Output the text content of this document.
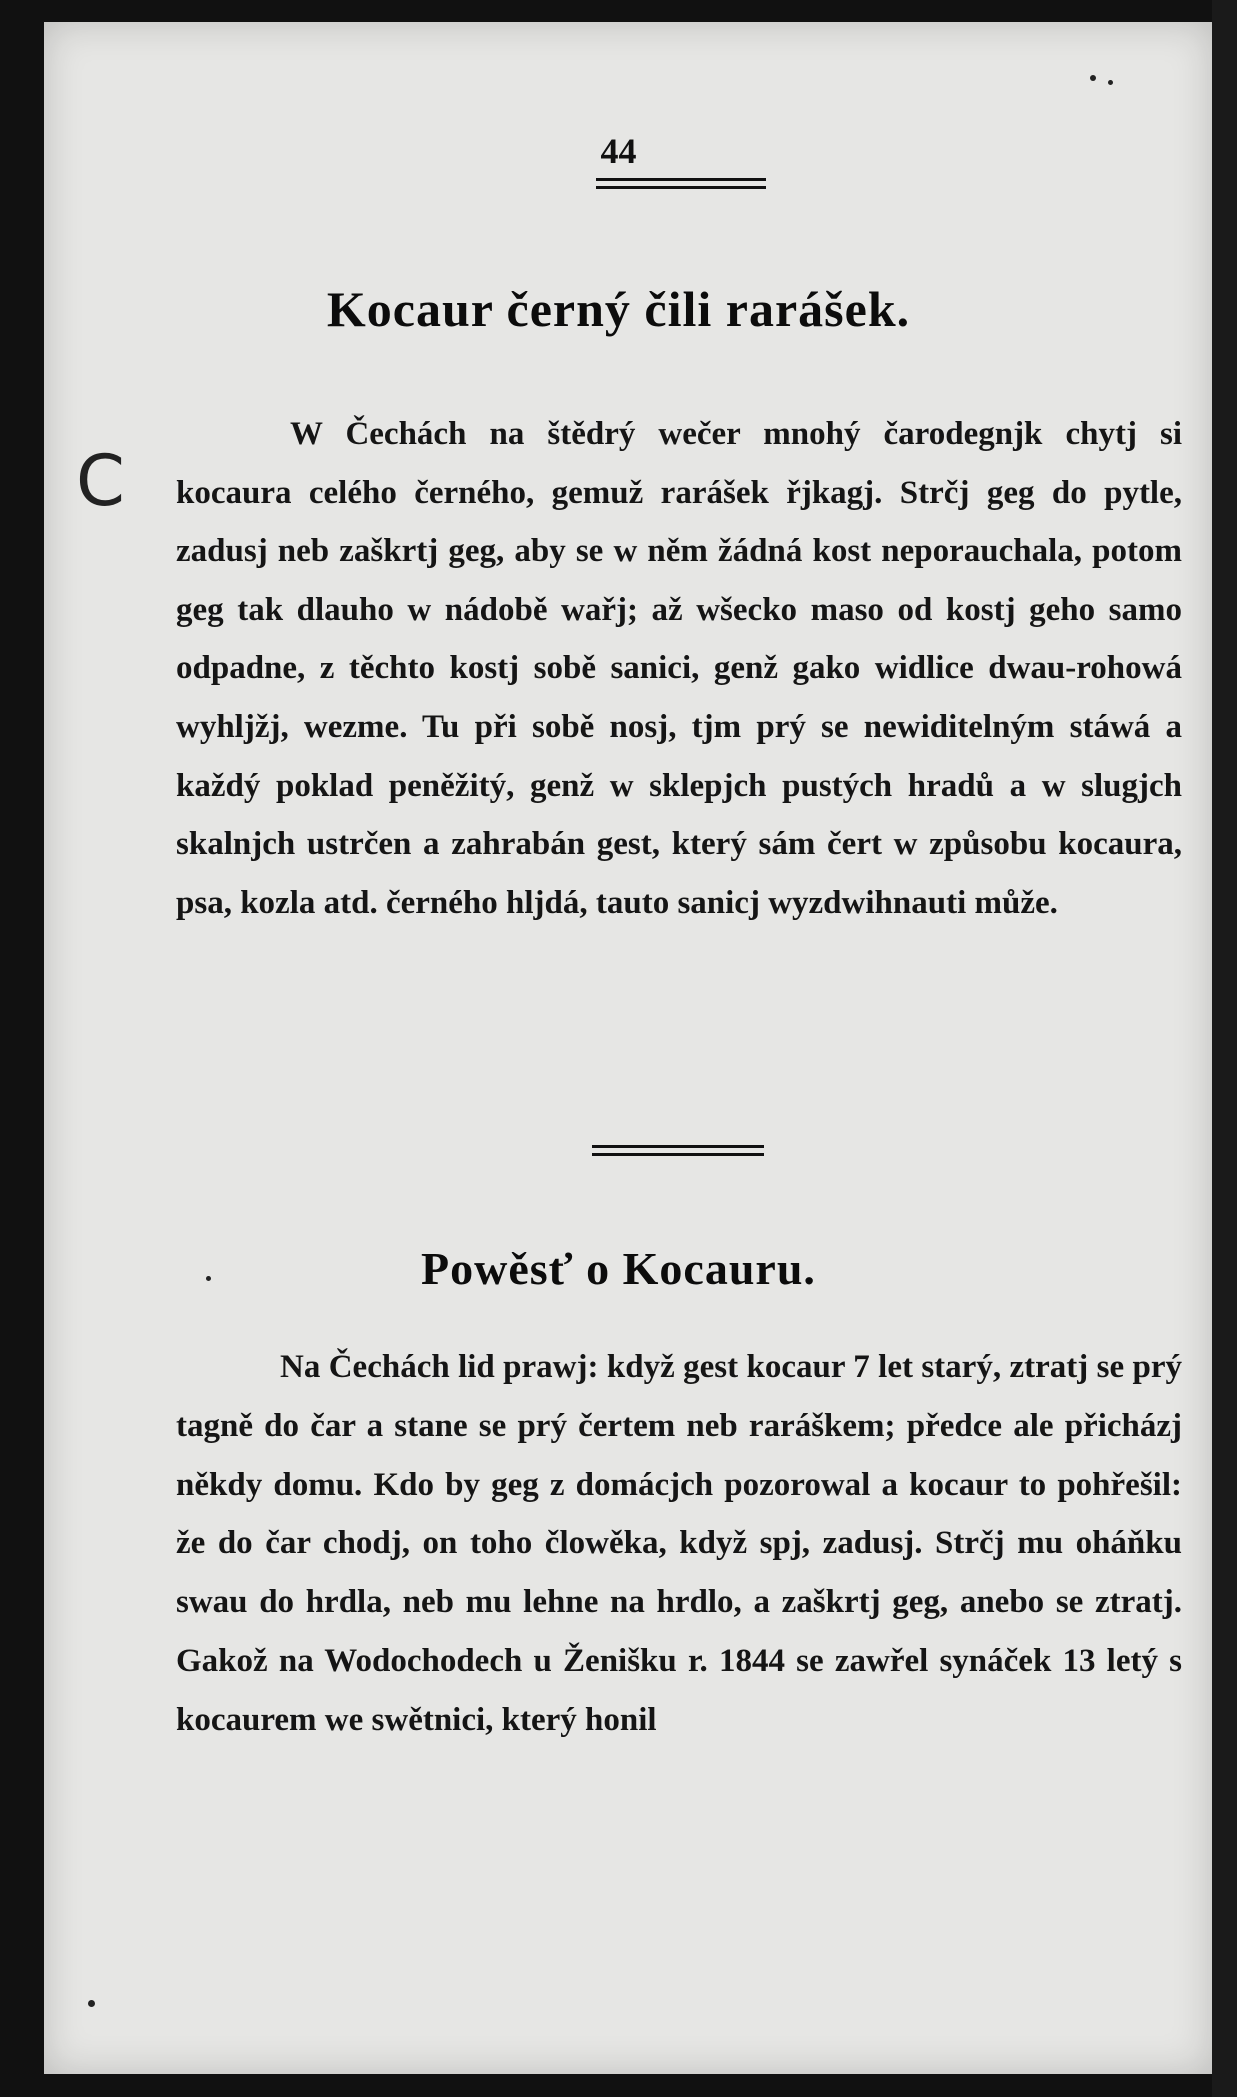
44
Kocaur černý čili rarášek.
C

W Čechách na štědrý wečer mnohý čarodegnjk chytj si kocaura celého černého, gemuž rarášek řjkagj. Strčj geg do pytle, zadusj neb zaškrtj geg, aby se w něm žádná kost neporauchala, potom geg tak dlauho w nádobě wařj; až wšecko maso od kostj geho samo odpadne, z těchto kostj sobě sanici, genž gako widlice dwau-rohowá wyhljžj, wezme. Tu při sobě nosj, tjm prý se newiditelným stáwá a každý poklad peněžitý, genž w sklepjch pustých hradů a w slugjch skalnjch ustrčen a zahrabán gest, který sám čert w způsobu kocaura, psa, kozla atd. černého hljdá, tauto sanicj wyzdwihnauti může.

Powěsť o Kocauru.

Na Čechách lid prawj: když gest kocaur 7 let starý, ztratj se prý tagně do čar a stane se prý čertem neb raráškem; předce ale přicházj někdy domu. Kdo by geg z domácjch pozorowal a kocaur to pohřešil: že do čar chodj, on toho člowěka, když spj, zadusj. Strčj mu oháňku swau do hrdla, neb mu lehne na hrdlo, a zaškrtj geg, anebo se ztratj. Gakož na Wodochodech u Ženišku r. 1844 se zawřel synáček 13 letý s kocaurem we swětnici, který honil
